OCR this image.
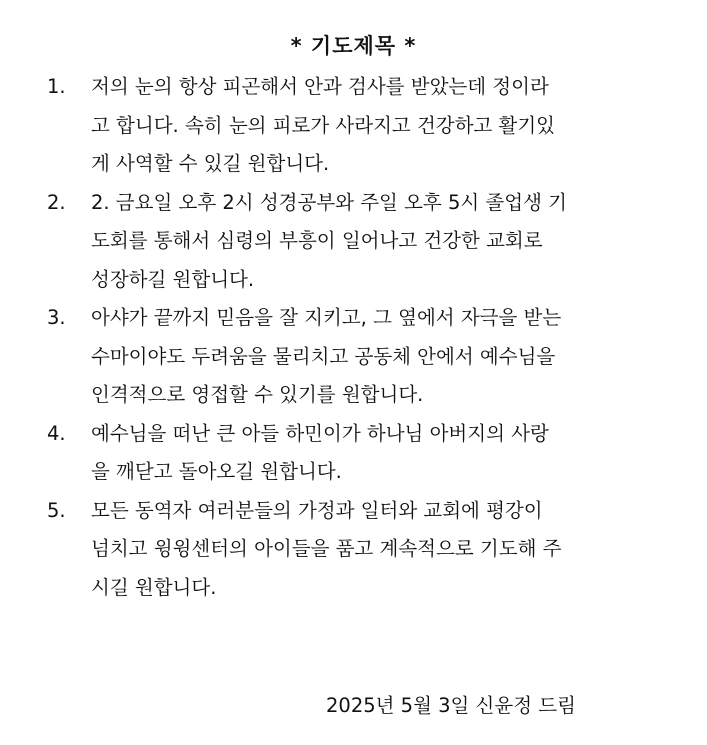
* 기도제목 *
1.	저의 눈의 항상 피곤해서 안과 검사를 받았는데 정이라
고 합니다. 속히 눈의 피로가 사라지고 건강하고 활기있
게 사역할 수 있길 원합니다.
2.	2. 금요일 오후 2시 성경공부와 주일 오후 5시 졸업생 기
도회를 통해서 심령의 부흥이 일어나고 건강한 교회로
성장하길 원합니다.
3.	아샤가 끝까지 믿음을 잘 지키고, 그 옆에서 자극을 받는
수마이야도 두려움을 물리치고 공동체 안에서 예수님을
인격적으로 영접할 수 있기를 원합니다.
4.	예수님을 떠난 큰 아들 하민이가 하나님 아버지의 사랑
을 깨닫고 돌아오길 원합니다.
5.	모든 동역자 여러분들의 가정과 일터와 교회에 평강이
넘치고 윙윙센터의 아이들을 품고 계속적으로 기도해 주
시길 원합니다.
2025년 5월 3일 신윤정 드림
